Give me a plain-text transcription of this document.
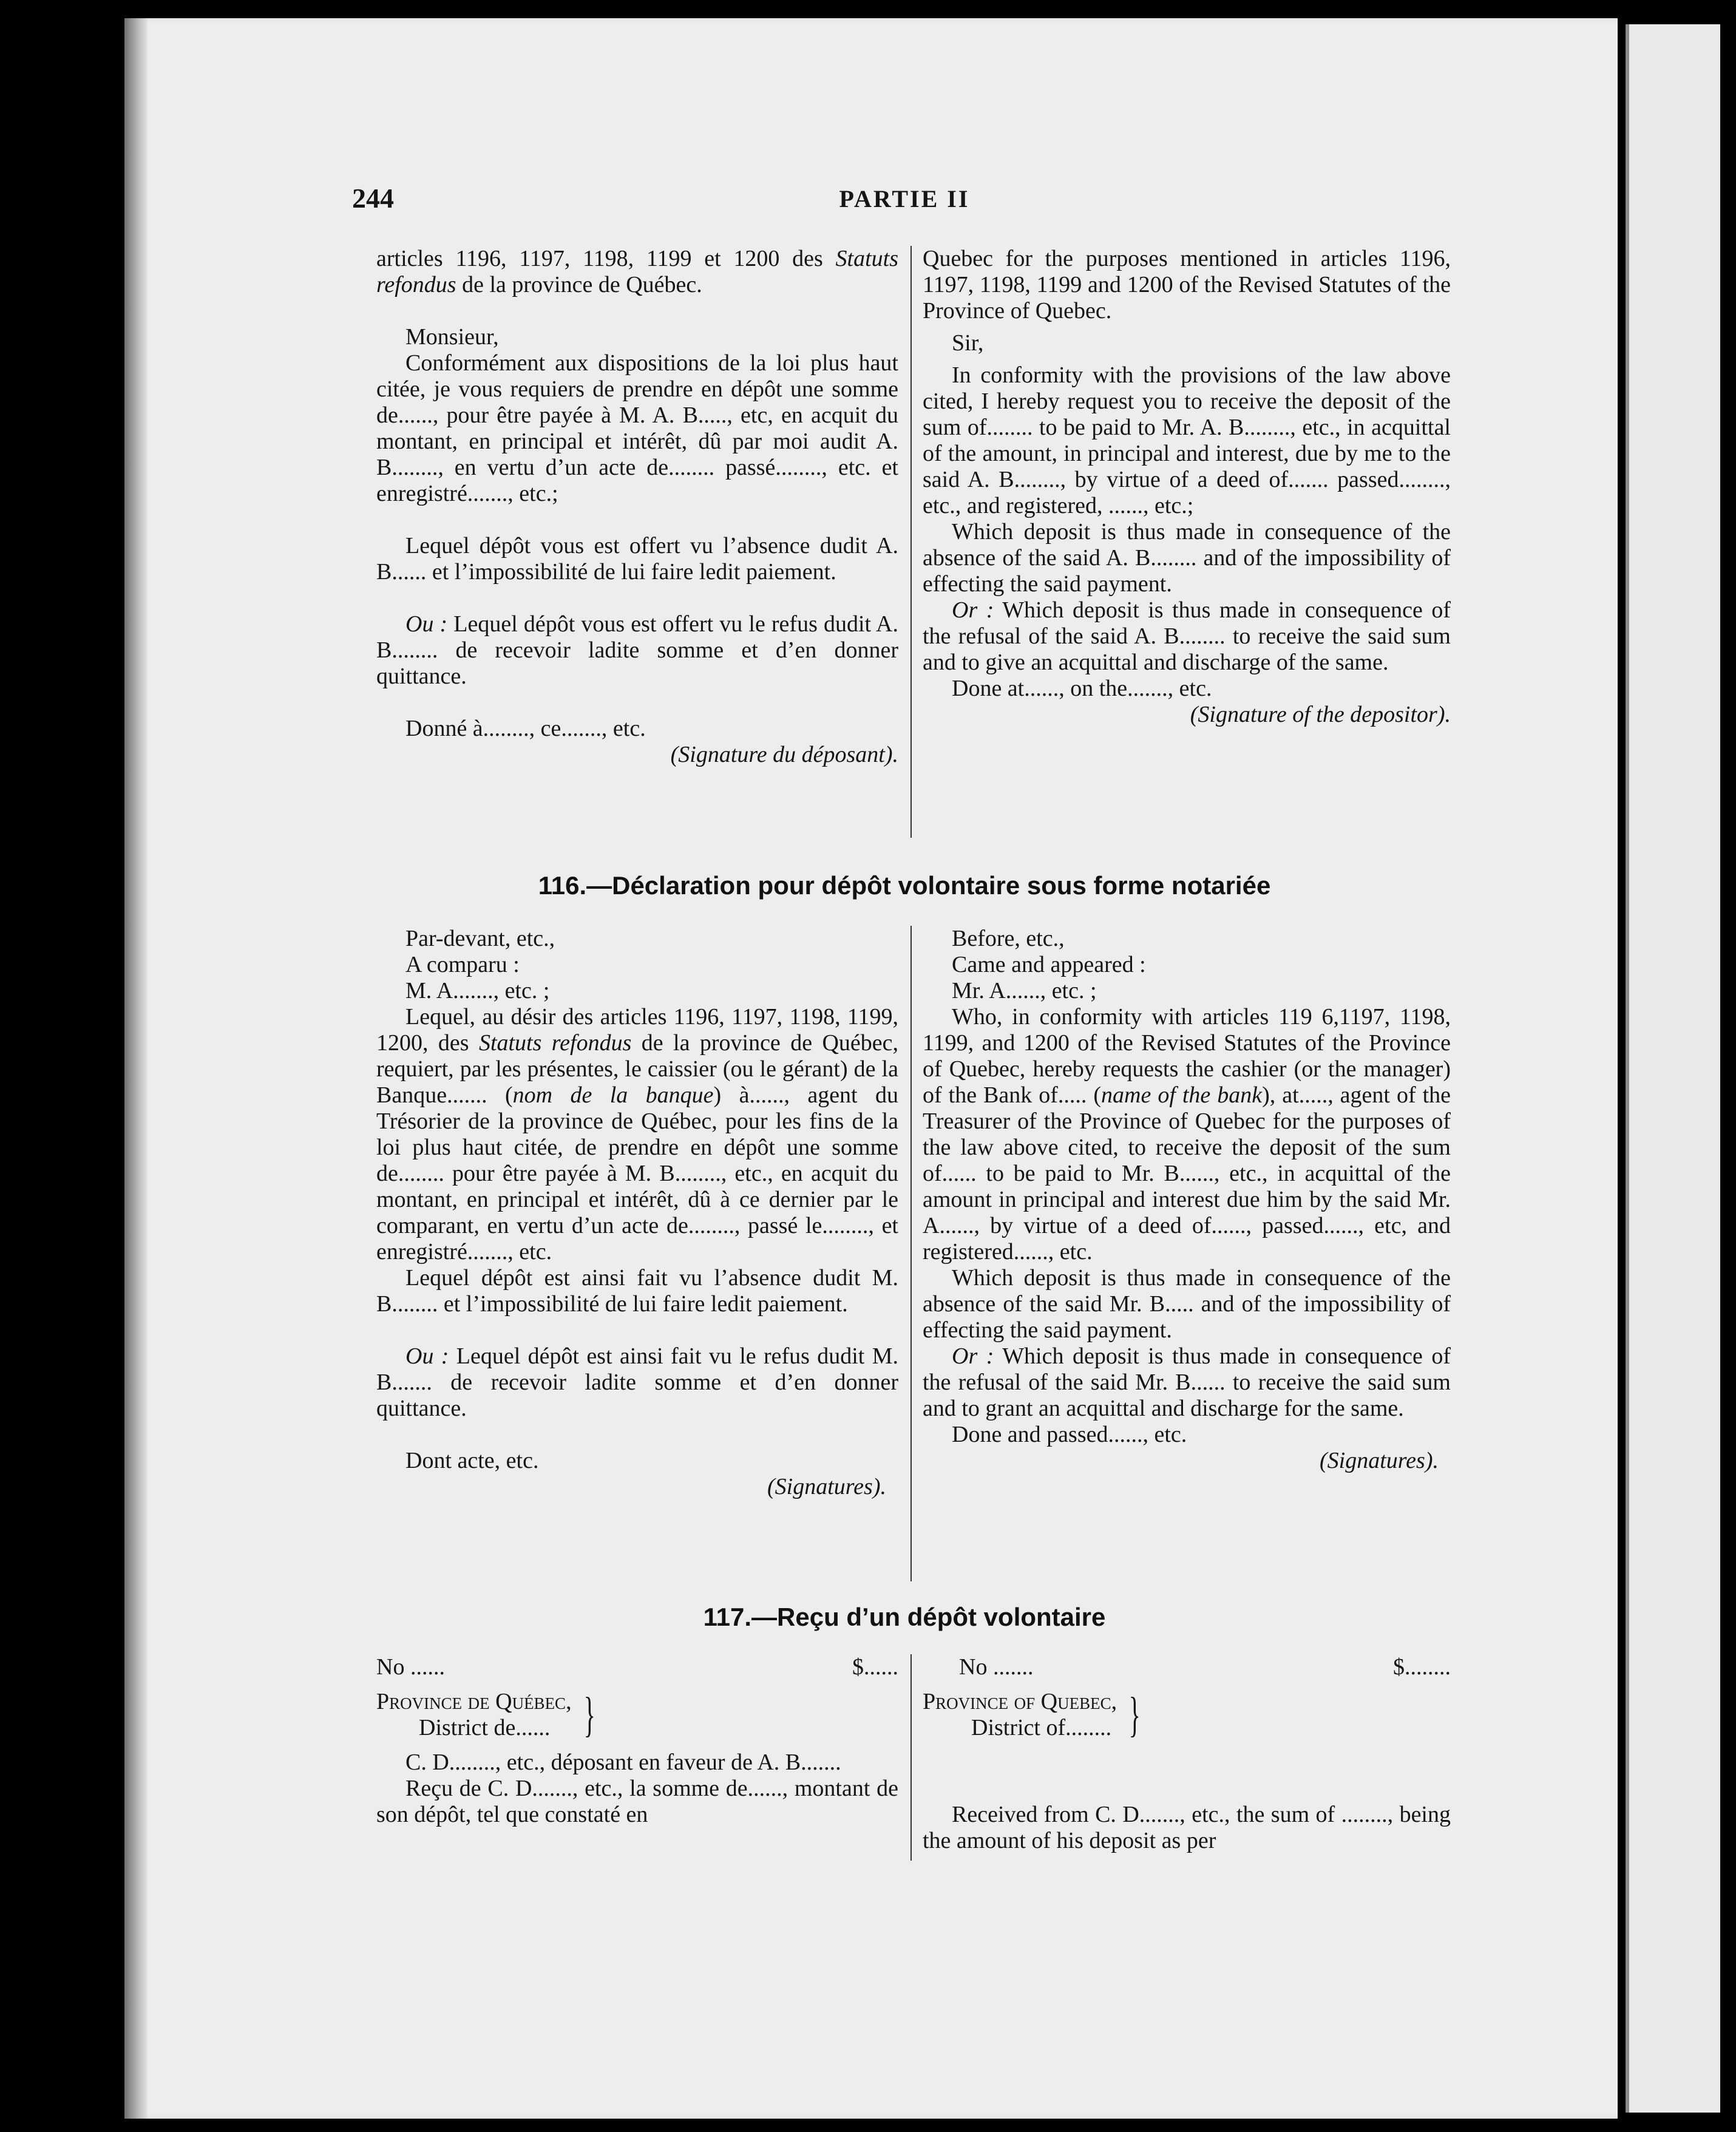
244	PARTIE II

articles 1196, 1197, 1198, 1199 et 1200 des Statuts refondus de la province de Québec.

Monsieur,

Conformément aux dispositions de la loi plus haut citée, je vous requiers de prendre en dépôt une somme de......, pour être payée à M. A. B....., etc, en acquit du montant, en principal et intérêt, dû par moi audit A. B........, en vertu d’un acte de........ passé........, etc. et enregistré......., etc.;

Lequel dépôt vous est offert vu l’absence dudit A. B...... et l’impossibilité de lui faire ledit paiement.

Ou : Lequel dépôt vous est offert vu le refus dudit A. B........ de recevoir ladite somme et d’en donner quittance.

Donné à........, ce......., etc.

(Signature du déposant).

Quebec for the purposes mentioned in articles 1196, 1197, 1198, 1199 and 1200 of the Revised Statutes of the Province of Quebec.

Sir,

In conformity with the provisions of the law above cited, I hereby request you to receive the deposit of the sum of........ to be paid to Mr. A. B........, etc., in acquittal of the amount, in principal and interest, due by me to the said A. B........, by virtue of a deed of....... passed........, etc., and registered, ......, etc.;

Which deposit is thus made in consequence of the absence of the said A. B........ and of the impossibility of effecting the said payment.

Or : Which deposit is thus made in consequence of the refusal of the said A. B........ to receive the said sum and to give an acquittal and discharge of the same.

Done at......, on the......., etc.

(Signature of the depositor).

116.—Déclaration pour dépôt volontaire sous forme notariée

Par-devant, etc.,

A comparu :

M. A......., etc. ;

Lequel, au désir des articles 1196, 1197, 1198, 1199, 1200, des Statuts refondus de la province de Québec, requiert, par les présentes, le caissier (ou le gérant) de la Banque....... (nom de la banque) à......, agent du Trésorier de la province de Québec, pour les fins de la loi plus haut citée, de prendre en dépôt une somme de........ pour être payée à M. B........, etc., en acquit du montant, en principal et intérêt, dû à ce dernier par le comparant, en vertu d’un acte de........, passé le........, et enregistré......., etc.

Lequel dépôt est ainsi fait vu l’absence dudit M. B........ et l’impossibilité de lui faire ledit paiement.

Ou : Lequel dépôt est ainsi fait vu le refus dudit M. B....... de recevoir ladite somme et d’en donner quittance.

Dont acte, etc.

(Signatures).

Before, etc.,

Came and appeared :

Mr. A......, etc. ;

Who, in conformity with articles 119 6,1197, 1198, 1199, and 1200 of the Revised Statutes of the Province of Quebec, hereby requests the cashier (or the manager) of the Bank of..... (name of the bank), at....., agent of the Treasurer of the Province of Quebec for the purposes of the law above cited, to receive the deposit of the sum of...... to be paid to Mr. B......, etc., in acquittal of the amount in principal and interest due him by the said Mr. A......, by virtue of a deed of......, passed......, etc, and registered......, etc.

Which deposit is thus made in consequence of the absence of the said Mr. B..... and of the impossibility of effecting the said payment.

Or : Which deposit is thus made in consequence of the refusal of the said Mr. B...... to receive the said sum and to grant an acquittal and discharge for the same.

Done and passed......, etc.

(Signatures).

117.—Reçu d’un dépôt volontaire
No ......	$......

Province de Québec,

District de...... }

C. D........, etc., déposant en faveur de A. B.......

Reçu de C. D......., etc., la somme de......, montant de son dépôt, tel que constaté en

No .......	$........

Province of Quebec,

District of........ }

Received from C. D......., etc., the sum of ........, being the amount of his deposit as per
